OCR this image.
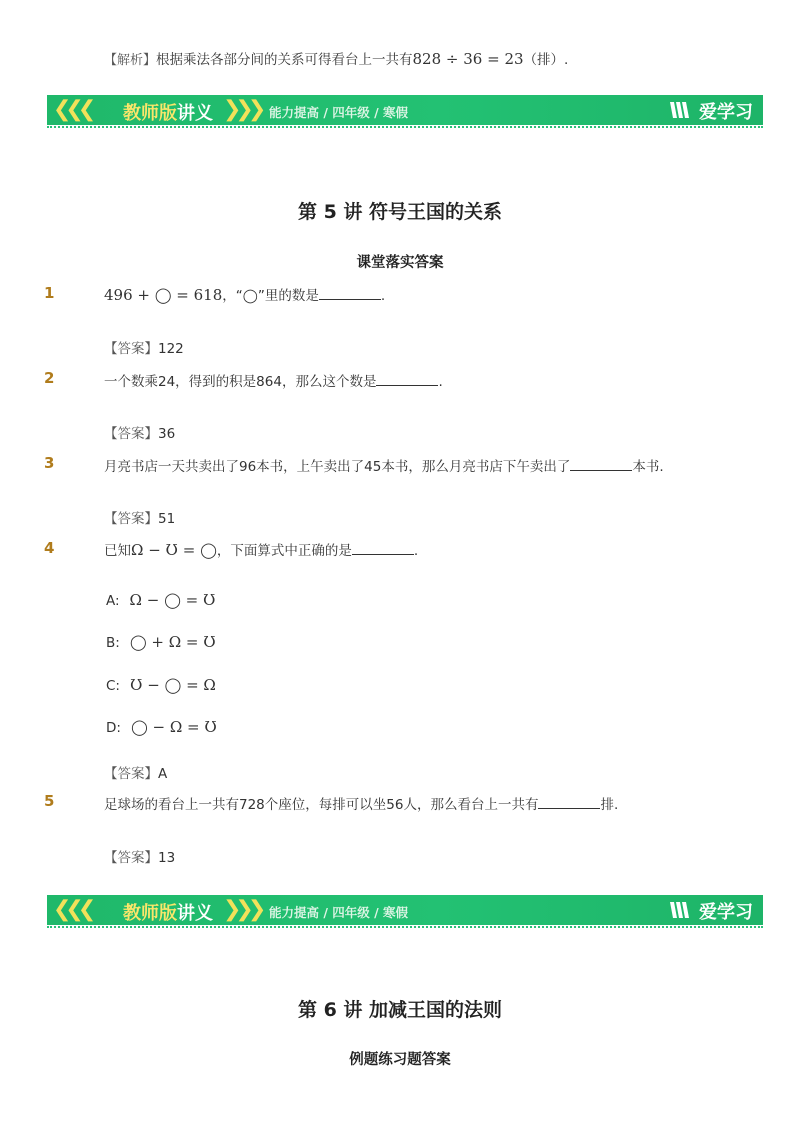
【解析】根据乘法各部分间的关系可得看台上一共有828 ÷ 36 = 23（排）.
❮❮❮ 教师版讲义 ❯❯❯ 能力提高 / 四年级 / 寒假	爱学习
第 5 讲 符号王国的关系
课堂落实答案
1	496 + ◯ = 618，“◯”里的数是	.
【答案】122
2	一个数乘24，得到的积是864，那么这个数是	.
【答案】36
3	月亮书店一天共卖出了96本书，上午卖出了45本书，那么月亮书店下午卖出了	本书.
【答案】51
4	已知Ω − Ʊ = ◯，下面算式中正确的是	.
A: Ω − ◯ = Ʊ
B: ◯ + Ω = Ʊ
C: Ʊ − ◯ = Ω
D: ◯ − Ω = Ʊ
【答案】A
5	足球场的看台上一共有728个座位，每排可以坐56人，那么看台上一共有	排.
【答案】13
❮❮❮ 教师版讲义 ❯❯❯ 能力提高 / 四年级 / 寒假	爱学习
第 6 讲 加减王国的法则
例题练习题答案
